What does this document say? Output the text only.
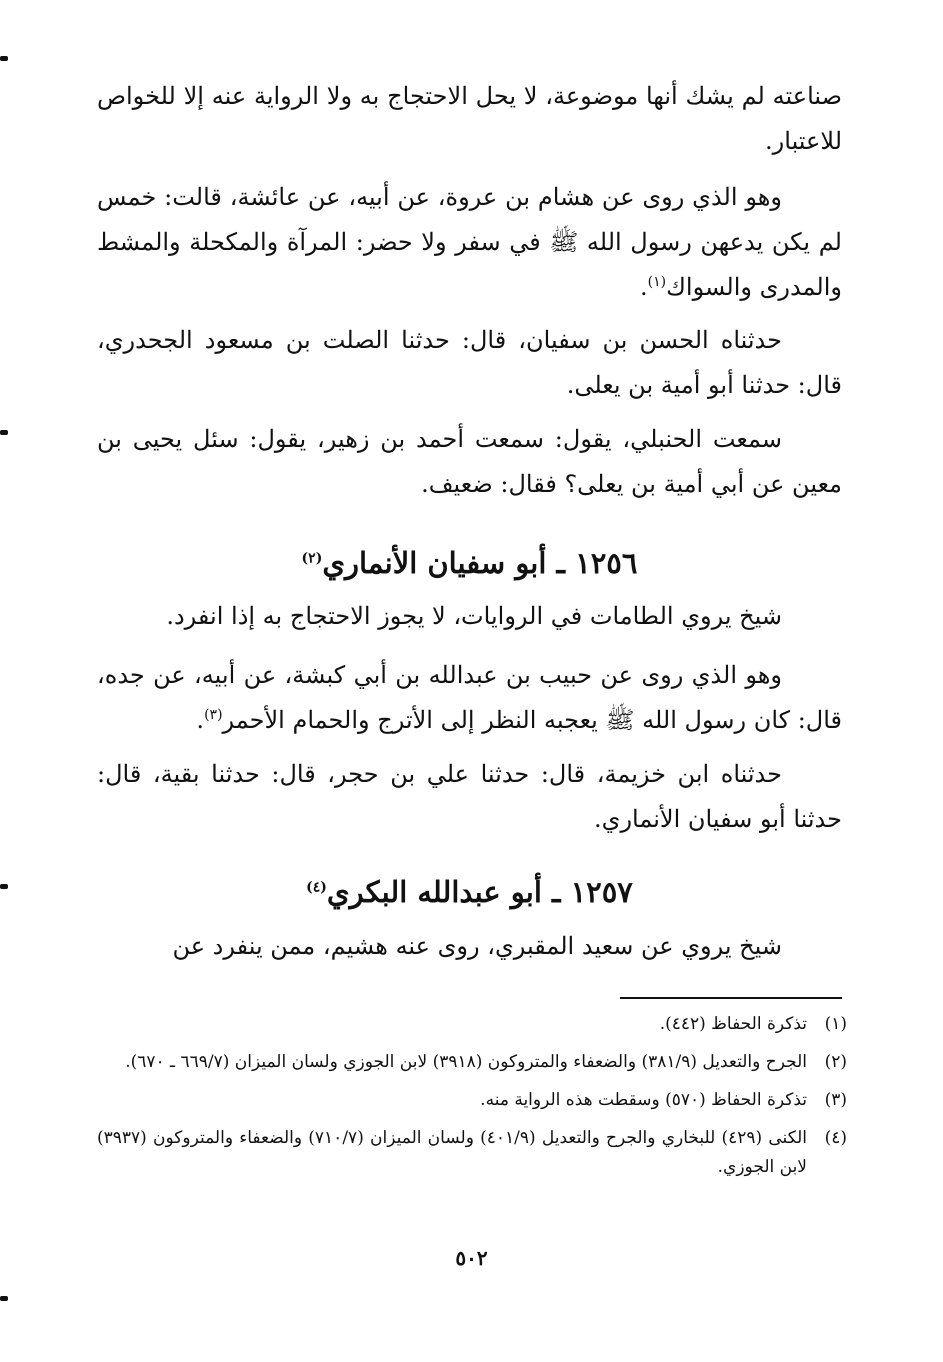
صناعته لم يشك أنها موضوعة، لا يحل الاحتجاج به ولا الرواية عنه إلا للخواص للاعتبار.

وهو الذي روى عن هشام بن عروة، عن أبيه، عن عائشة، قالت: خمس لم يكن يدعهن رسول الله ﷺ في سفر ولا حضر: المرآة والمكحلة والمشط والمدرى والسواك$^{(١)}$.

حدثناه الحسن بن سفيان، قال: حدثنا الصلت بن مسعود الجحدري، قال: حدثنا أبو أمية بن يعلى.

سمعت الحنبلي، يقول: سمعت أحمد بن زهير، يقول: سئل يحيى بن معين عن أبي أمية بن يعلى؟ فقال: ضعيف.

١٢٥٦ ـ أبو سفيان الأنماري$^{(٢)}$

شيخ يروي الطامات في الروايات، لا يجوز الاحتجاج به إذا انفرد.

وهو الذي روى عن حبيب بن عبدالله بن أبي كبشة، عن أبيه، عن جده، قال: كان رسول الله ﷺ يعجبه النظر إلى الأترج والحمام الأحمر$^{(٣)}$.

حدثناه ابن خزيمة، قال: حدثنا علي بن حجر، قال: حدثنا بقية، قال: حدثنا أبو سفيان الأنماري.

١٢٥٧ ـ أبو عبدالله البكري$^{(٤)}$

شيخ يروي عن سعيد المقبري، روى عنه هشيم، ممن ينفرد عن

(١)
تذكرة الحفاظ (٤٤٢).
(٢)
الجرح والتعديل (٣٨١/٩) والضعفاء والمتروكون (٣٩١٨) لابن الجوزي ولسان الميزان (٦٦٩/٧ ـ ٦٧٠).
(٣)
تذكرة الحفاظ (٥٧٠) وسقطت هذه الرواية منه.
(٤)
الكنى (٤٢٩) للبخاري والجرح والتعديل (٤٠١/٩) ولسان الميزان (٧١٠/٧) والضعفاء والمتروكون (٣٩٣٧) لابن الجوزي.
٥٠٢
